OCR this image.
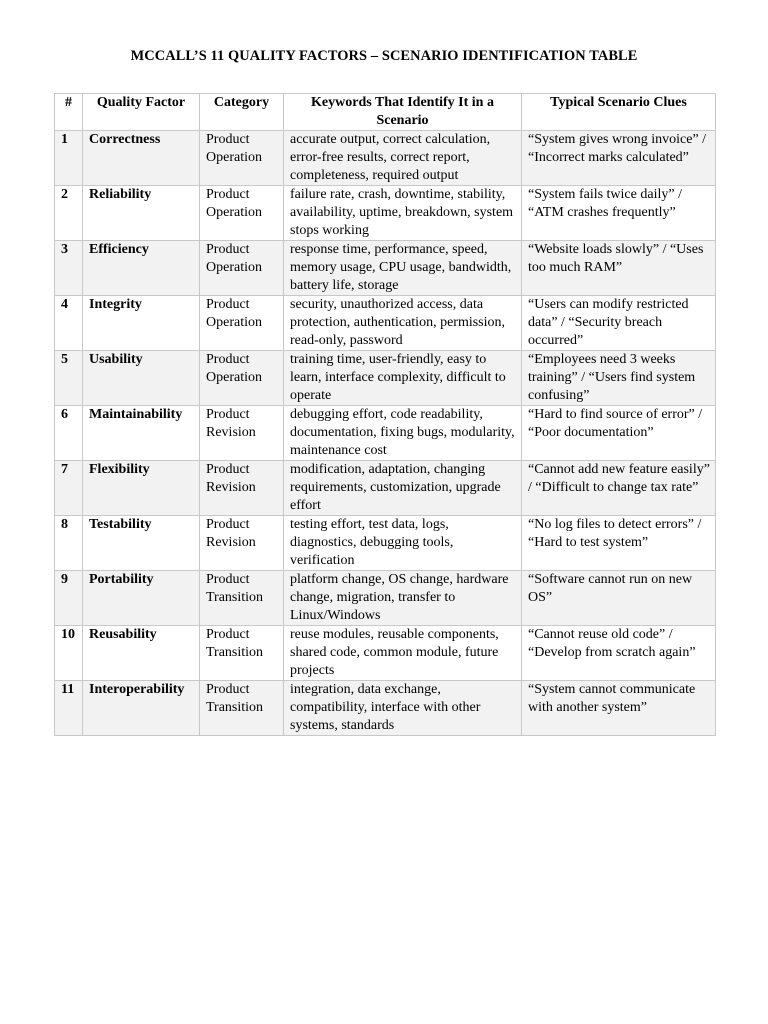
MCCALL’S 11 QUALITY FACTORS – SCENARIO IDENTIFICATION TABLE
#	Quality Factor	Category	Keywords That Identify It in a Scenario	Typical Scenario Clues
1	Correctness	Product Operation	accurate output, correct calculation, error-free results, correct report, completeness, required output	“System gives wrong invoice” / “Incorrect marks calculated”
2	Reliability	Product Operation	failure rate, crash, downtime, stability, availability, uptime, breakdown, system stops working	“System fails twice daily” / “ATM crashes frequently”
3	Efficiency	Product Operation	response time, performance, speed, memory usage, CPU usage, bandwidth, battery life, storage	“Website loads slowly” / “Uses too much RAM”
4	Integrity	Product Operation	security, unauthorized access, data protection, authentication, permission, read-only, password	“Users can modify restricted data” / “Security breach occurred”
5	Usability	Product Operation	training time, user-friendly, easy to learn, interface complexity, difficult to operate	“Employees need 3 weeks training” / “Users find system confusing”
6	Maintainability	Product Revision	debugging effort, code readability, documentation, fixing bugs, modularity, maintenance cost	“Hard to find source of error” / “Poor documentation”
7	Flexibility	Product Revision	modification, adaptation, changing requirements, customization, upgrade effort	“Cannot add new feature easily” / “Difficult to change tax rate”
8	Testability	Product Revision	testing effort, test data, logs, diagnostics, debugging tools, verification	“No log files to detect errors” / “Hard to test system”
9	Portability	Product Transition	platform change, OS change, hardware change, migration, transfer to Linux/Windows	“Software cannot run on new OS”
10	Reusability	Product Transition	reuse modules, reusable components, shared code, common module, future projects	“Cannot reuse old code” / “Develop from scratch again”
11	Interoperability	Product Transition	integration, data exchange, compatibility, interface with other systems, standards	“System cannot communicate with another system”
